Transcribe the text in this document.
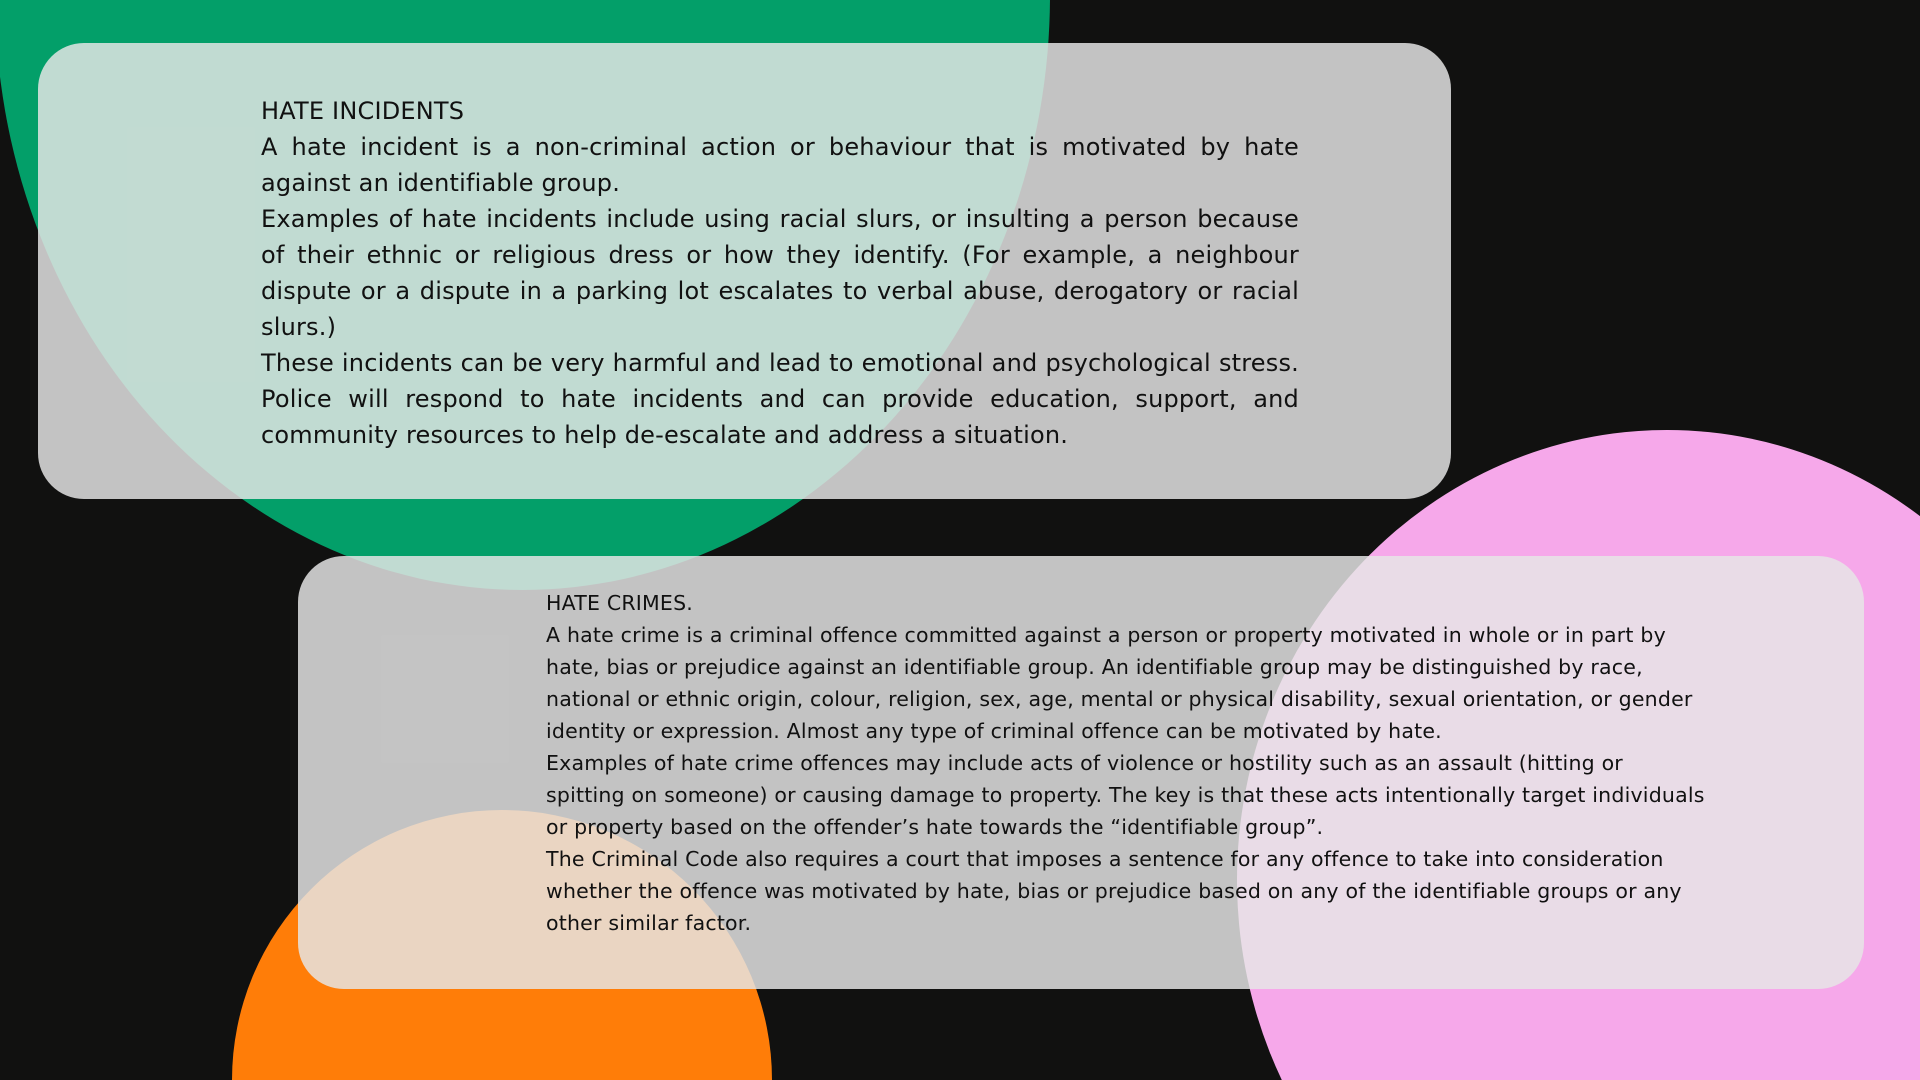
HATE INCIDENTS

A hate incident is a non-criminal action or behaviour that is motivated by hate against an identifiable group.

Examples of hate incidents include using racial slurs, or insulting a person because of their ethnic or religious dress or how they identify. (For example, a neighbour dispute or a dispute in a parking lot escalates to verbal abuse, derogatory or racial slurs.)

These incidents can be very harmful and lead to emotional and psychological stress. Police will respond to hate incidents and can provide education, support, and community resources to help de-escalate and address a situation.

HATE CRIMES.

A hate crime is a criminal offence committed against a person or property motivated in whole or in part by hate, bias or prejudice against an identifiable group. An identifiable group may be distinguished by race, national or ethnic origin, colour, religion, sex, age, mental or physical disability, sexual orientation, or gender identity or expression. Almost any type of criminal offence can be motivated by hate.

Examples of hate crime offences may include acts of violence or hostility such as an assault (hitting or spitting on someone) or causing damage to property. The key is that these acts intentionally target individuals or property based on the offender’s hate towards the “identifiable group”.

The Criminal Code also requires a court that imposes a sentence for any offence to take into consideration whether the offence was motivated by hate, bias or prejudice based on any of the identifiable groups or any other similar factor.
